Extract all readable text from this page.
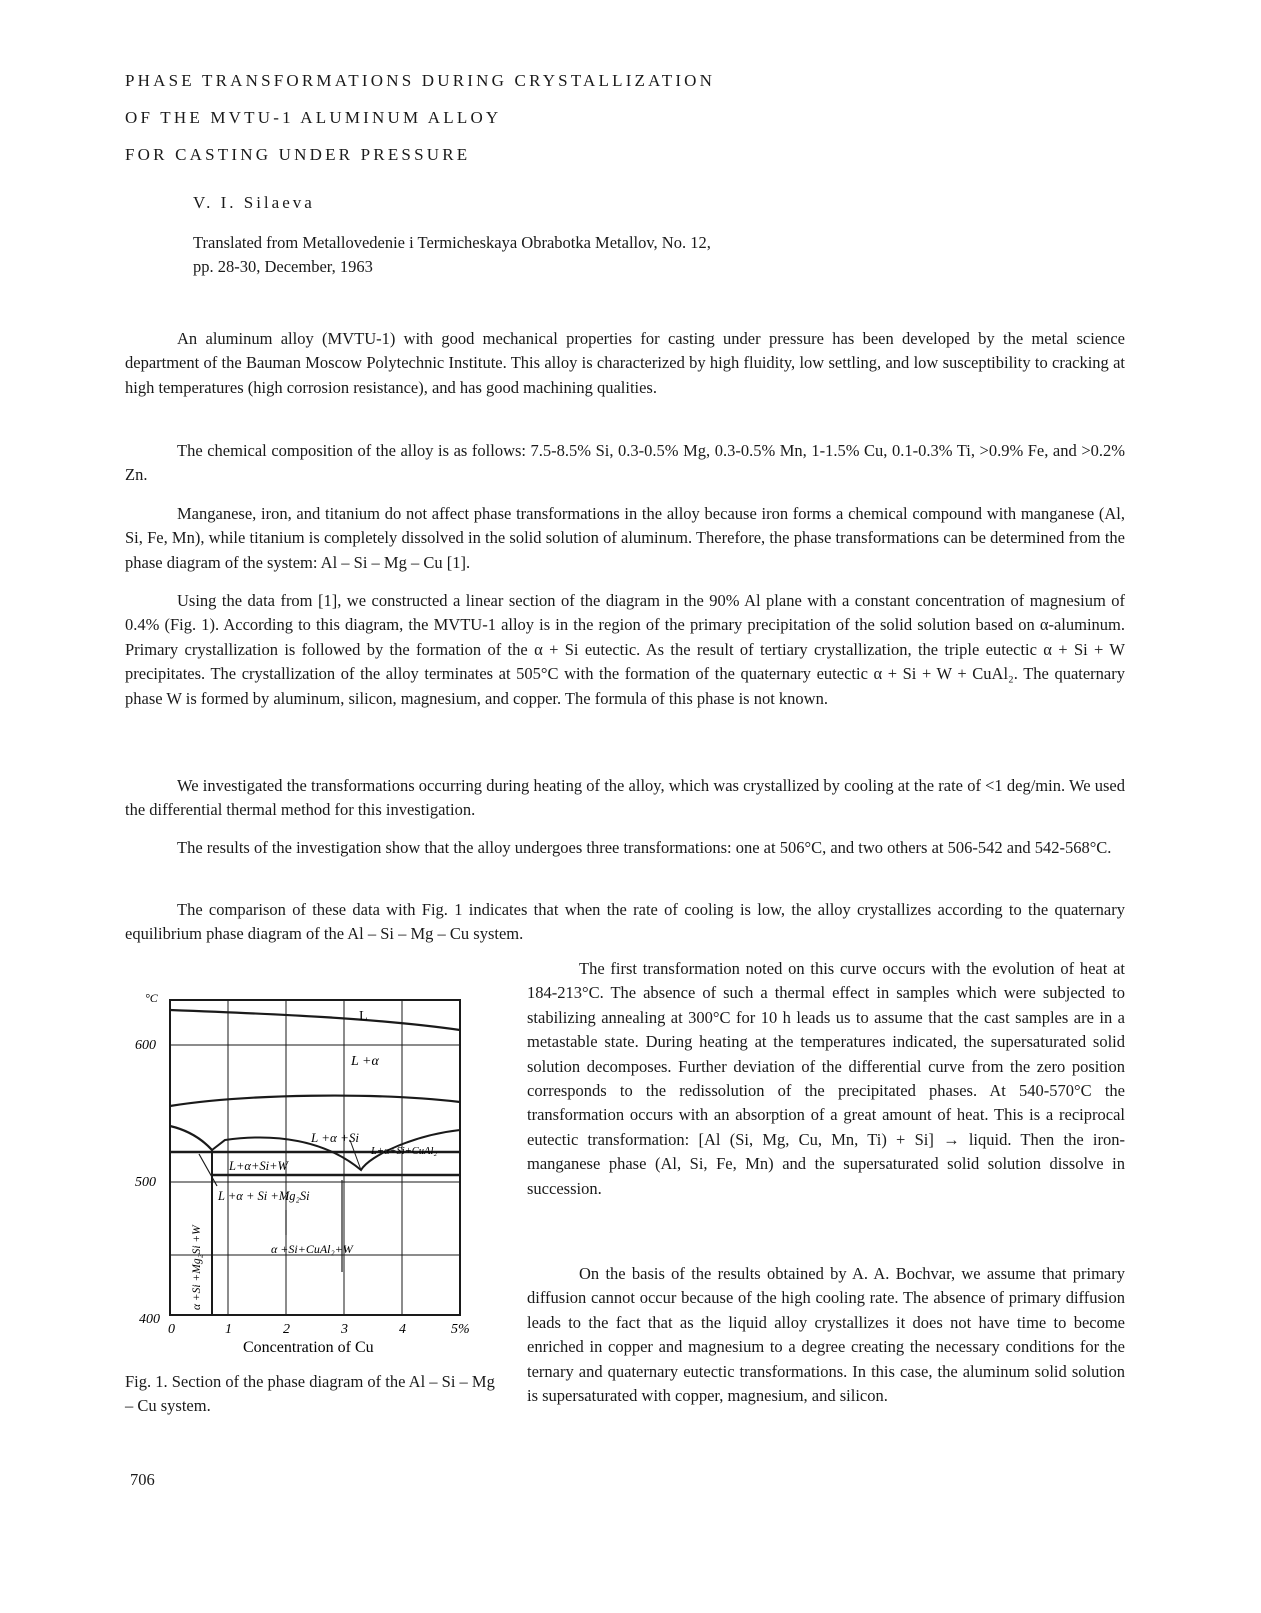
PHASE TRANSFORMATIONS DURING CRYSTALLIZATION
OF THE MVTU-1 ALUMINUM ALLOY
FOR CASTING UNDER PRESSURE
V. I. Silaeva
Translated from Metallovedenie i Termicheskaya Obrabotka Metallov, No. 12,
pp. 28-30, December, 1963

An aluminum alloy (MVTU-1) with good mechanical properties for casting under pressure has been developed by the metal science department of the Bauman Moscow Polytechnic Institute. This alloy is characterized by high fluidity, low settling, and low susceptibility to cracking at high temperatures (high corrosion resistance), and has good machining qualities.

The chemical composition of the alloy is as follows: 7.5-8.5% Si, 0.3-0.5% Mg, 0.3-0.5% Mn, 1-1.5% Cu, 0.1-0.3% Ti, >0.9% Fe, and >0.2% Zn.

Manganese, iron, and titanium do not affect phase transformations in the alloy because iron forms a chemical compound with manganese (Al, Si, Fe, Mn), while titanium is completely dissolved in the solid solution of aluminum. Therefore, the phase transformations can be determined from the phase diagram of the system: Al – Si – Mg – Cu [1].

Using the data from [1], we constructed a linear section of the diagram in the 90% Al plane with a constant concentration of magnesium of 0.4% (Fig. 1). According to this diagram, the MVTU-1 alloy is in the region of the primary precipitation of the solid solution based on α-aluminum. Primary crystallization is followed by the formation of the α + Si eutectic. As the result of tertiary crystallization, the triple eutectic α + Si + W precipitates. The crystallization of the alloy terminates at 505°C with the formation of the quaternary eutectic α + Si + W + CuAl₂. The quaternary phase W is formed by aluminum, silicon, magnesium, and copper. The formula of this phase is not known.

We investigated the transformations occurring during heating of the alloy, which was crystallized by cooling at the rate of <1 deg/min. We used the differential thermal method for this investigation.

The results of the investigation show that the alloy undergoes three transformations: one at 506°C, and two others at 506-542 and 542-568°C.

The comparison of these data with Fig. 1 indicates that when the rate of cooling is low, the alloy crystallizes according to the quaternary equilibrium phase diagram of the Al – Si – Mg – Cu system.

°C
600
500
400
0	1	2	3	4	5%
Concentration of Cu
L
L +α
L +α +Si
L+α+Si+CuAl₂
L+α+Si+W
L +α + Si +Mg₂Si
α +Si+CuAl₂+W
α +Si +Mg₂Si +W
Fig. 1. Section of the phase diagram of the Al – Si – Mg – Cu system.

The first transformation noted on this curve occurs with the evolution of heat at 184-213°C. The absence of such a thermal effect in samples which were subjected to stabilizing annealing at 300°C for 10 h leads us to assume that the cast samples are in a metastable state. During heating at the temperatures indicated, the supersaturated solid solution decomposes. Further deviation of the differential curve from the zero position corresponds to the redissolution of the precipitated phases. At 540-570°C the transformation occurs with an absorption of a great amount of heat. This is a reciprocal eutectic transformation: [Al (Si, Mg, Cu, Mn, Ti) + Si] → liquid. Then the iron-manganese phase (Al, Si, Fe, Mn) and the supersaturated solid solution dissolve in succession.

On the basis of the results obtained by A. A. Bochvar, we assume that primary diffusion cannot occur because of the high cooling rate. The absence of primary diffusion leads to the fact that as the liquid alloy crystallizes it does not have time to become enriched in copper and magnesium to a degree creating the necessary conditions for the ternary and quaternary eutectic transformations. In this case, the aluminum solid solution is supersaturated with copper, magnesium, and silicon.

706
